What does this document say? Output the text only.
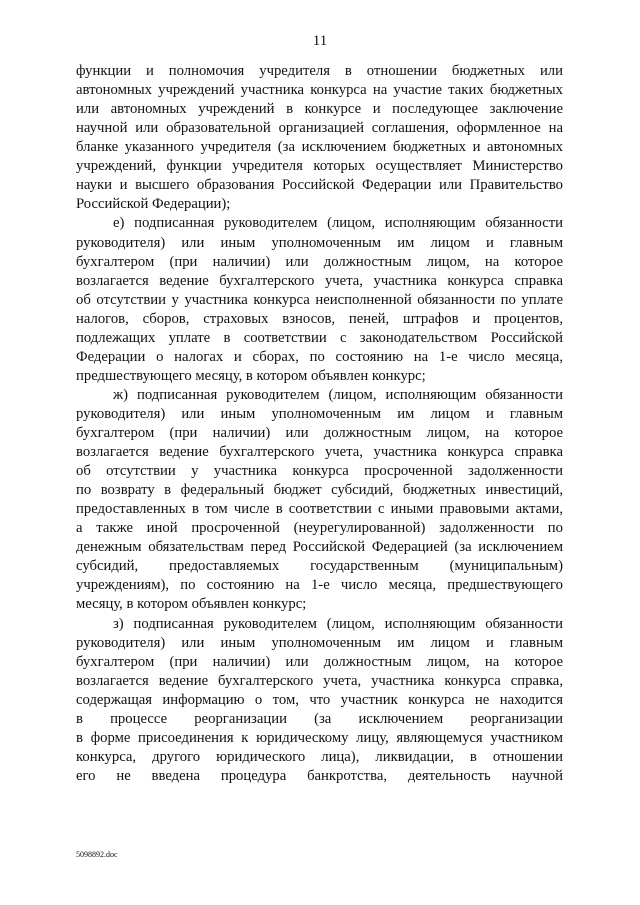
11
функции и полномочия учредителя в отношении бюджетных или
автономных учреждений участника конкурса на участие таких бюджетных
или автономных учреждений в конкурсе и последующее заключение
научной или образовательной организацией соглашения, оформленное на
бланке указанного учредителя (за исключением бюджетных и автономных
учреждений, функции учредителя которых осуществляет Министерство
науки и высшего образования Российской Федерации или Правительство
Российской Федерации);
е) подписанная руководителем (лицом, исполняющим обязанности
руководителя) или иным уполномоченным им лицом и главным
бухгалтером (при наличии) или должностным лицом, на которое
возлагается ведение бухгалтерского учета, участника конкурса справка
об отсутствии у участника конкурса неисполненной обязанности по уплате
налогов, сборов, страховых взносов, пеней, штрафов и процентов,
подлежащих уплате в соответствии с законодательством Российской
Федерации о налогах и сборах, по состоянию на 1-е число месяца,
предшествующего месяцу, в котором объявлен конкурс;
ж) подписанная руководителем (лицом, исполняющим обязанности
руководителя) или иным уполномоченным им лицом и главным
бухгалтером (при наличии) или должностным лицом, на которое
возлагается ведение бухгалтерского учета, участника конкурса справка
об отсутствии у участника конкурса просроченной задолженности
по возврату в федеральный бюджет субсидий, бюджетных инвестиций,
предоставленных в том числе в соответствии с иными правовыми актами,
а также иной просроченной (неурегулированной) задолженности по
денежным обязательствам перед Российской Федерацией (за исключением
субсидий, предоставляемых государственным (муниципальным)
учреждениям), по состоянию на 1-е число месяца, предшествующего
месяцу, в котором объявлен конкурс;
з) подписанная руководителем (лицом, исполняющим обязанности
руководителя) или иным уполномоченным им лицом и главным
бухгалтером (при наличии) или должностным лицом, на которое
возлагается ведение бухгалтерского учета, участника конкурса справка,
содержащая информацию о том, что участник конкурса не находится
в процессе реорганизации (за исключением реорганизации
в форме присоединения к юридическому лицу, являющемуся участником
конкурса, другого юридического лица), ликвидации, в отношении
его не введена процедура банкротства, деятельность научной
5098892.doc
